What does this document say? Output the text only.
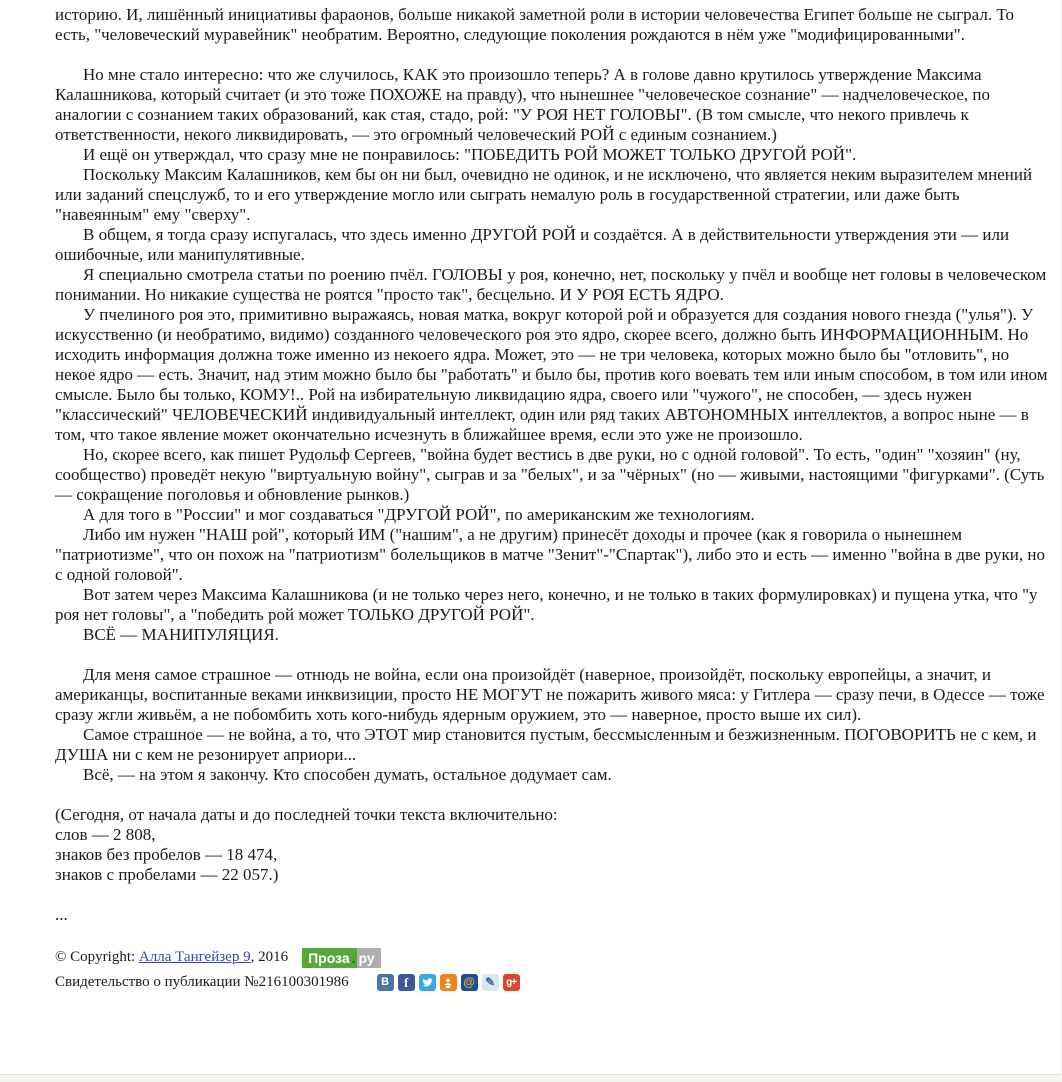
историю. И, лишённый инициативы фараонов, больше никакой заметной роли в истории человечества Египет больше не сыграл. То есть, "человеческий муравейник" необратим. Вероятно, следующие поколения рождаются в нём уже "модифицированными".

Но мне стало интересно: что же случилось, КАК это произошло теперь? А в голове давно крутилось утверждение Максима Калашникова, который считает (и это тоже ПОХОЖЕ на правду), что нынешнее "человеческое сознание" — надчеловеческое, по аналогии с сознанием таких образований, как стая, стадо, рой: "У РОЯ НЕТ ГОЛОВЫ". (В том смысле, что некого привлечь к ответственности, некого ликвидировать, — это огромный человеческий РОЙ с единым сознанием.)

И ещё он утверждал, что сразу мне не понравилось: "ПОБЕДИТЬ РОЙ МОЖЕТ ТОЛЬКО ДРУГОЙ РОЙ".

Поскольку Максим Калашников, кем бы он ни был, очевидно не одинок, и не исключено, что является неким выразителем мнений или заданий спецслужб, то и его утверждение могло или сыграть немалую роль в государственной стратегии, или даже быть "навеянным" ему "сверху".

В общем, я тогда сразу испугалась, что здесь именно ДРУГОЙ РОЙ и создаётся. А в действительности утверждения эти — или ошибочные, или манипулятивные.

Я специально смотрела статьи по роению пчёл. ГОЛОВЫ у роя, конечно, нет, поскольку у пчёл и вообще нет головы в человеческом понимании. Но никакие существа не роятся "просто так", бесцельно. И У РОЯ ЕСТЬ ЯДРО.

У пчелиного роя это, примитивно выражаясь, новая матка, вокруг которой рой и образуется для создания нового гнезда ("улья"). У искусственно (и необратимо, видимо) созданного человеческого роя это ядро, скорее всего, должно быть ИНФОРМАЦИОННЫМ. Но исходить информация должна тоже именно из некоего ядра. Может, это — не три человека, которых можно было бы "отловить", но некое ядро — есть. Значит, над этим можно было бы "работать" и было бы, против кого воевать тем или иным способом, в том или ином смысле. Было бы только, КОМУ!.. Рой на избирательную ликвидацию ядра, своего или "чужого", не способен, — здесь нужен "классический" ЧЕЛОВЕЧЕСКИЙ индивидуальный интеллект, один или ряд таких АВТОНОМНЫХ интеллектов, а вопрос ныне — в том, что такое явление может окончательно исчезнуть в ближайшее время, если это уже не произошло.

Но, скорее всего, как пишет Рудольф Сергеев, "война будет вестись в две руки, но с одной головой". То есть, "один" "хозяин" (ну, сообщество) проведёт некую "виртуальную войну", сыграв и за "белых", и за "чёрных" (но — живыми, настоящими "фигурками". (Суть — сокращение поголовья и обновление рынков.)

А для того в "России" и мог создаваться "ДРУГОЙ РОЙ", по американским же технологиям.

Либо им нужен "НАШ рой", который ИМ ("нашим", а не другим) принесёт доходы и прочее (как я говорила о нынешнем "патриотизме", что он похож на "патриотизм" болельщиков в матче "Зенит"-"Спартак"), либо это и есть — именно "война в две руки, но с одной головой".

Вот затем через Максима Калашникова (и не только через него, конечно, и не только в таких формулировках) и пущена утка, что "у роя нет головы", а "победить рой может ТОЛЬКО ДРУГОЙ РОЙ".

ВСЁ — МАНИПУЛЯЦИЯ.

Для меня самое страшное — отнюдь не война, если она произойдёт (наверное, произойдёт, поскольку европейцы, а значит, и американцы, воспитанные веками инквизиции, просто НЕ МОГУТ не пожарить живого мяса: у Гитлера — сразу печи, в Одессе — тоже сразу жгли живьём, а не побомбить хоть кого-нибудь ядерным оружием, это — наверное, просто выше их сил).

Самое страшное — не война, а то, что ЭТОТ мир становится пустым, бессмысленным и безжизненным. ПОГОВОРИТЬ не с кем, и ДУША ни с кем не резонирует априори...

Всё, — на этом я закончу. Кто способен думать, остальное додумает сам.

(Сегодня, от начала даты и до последней точки текста включительно:

слов — 2 808,

знаков без пробелов — 18 474,

знаков с пробелами — 22 057.)

...

© Copyright:
Алла Тангейзер 9 , 2016	Проза . ру
Свидетельство о публикации №216100301986	В	f	@ ✎	g+
